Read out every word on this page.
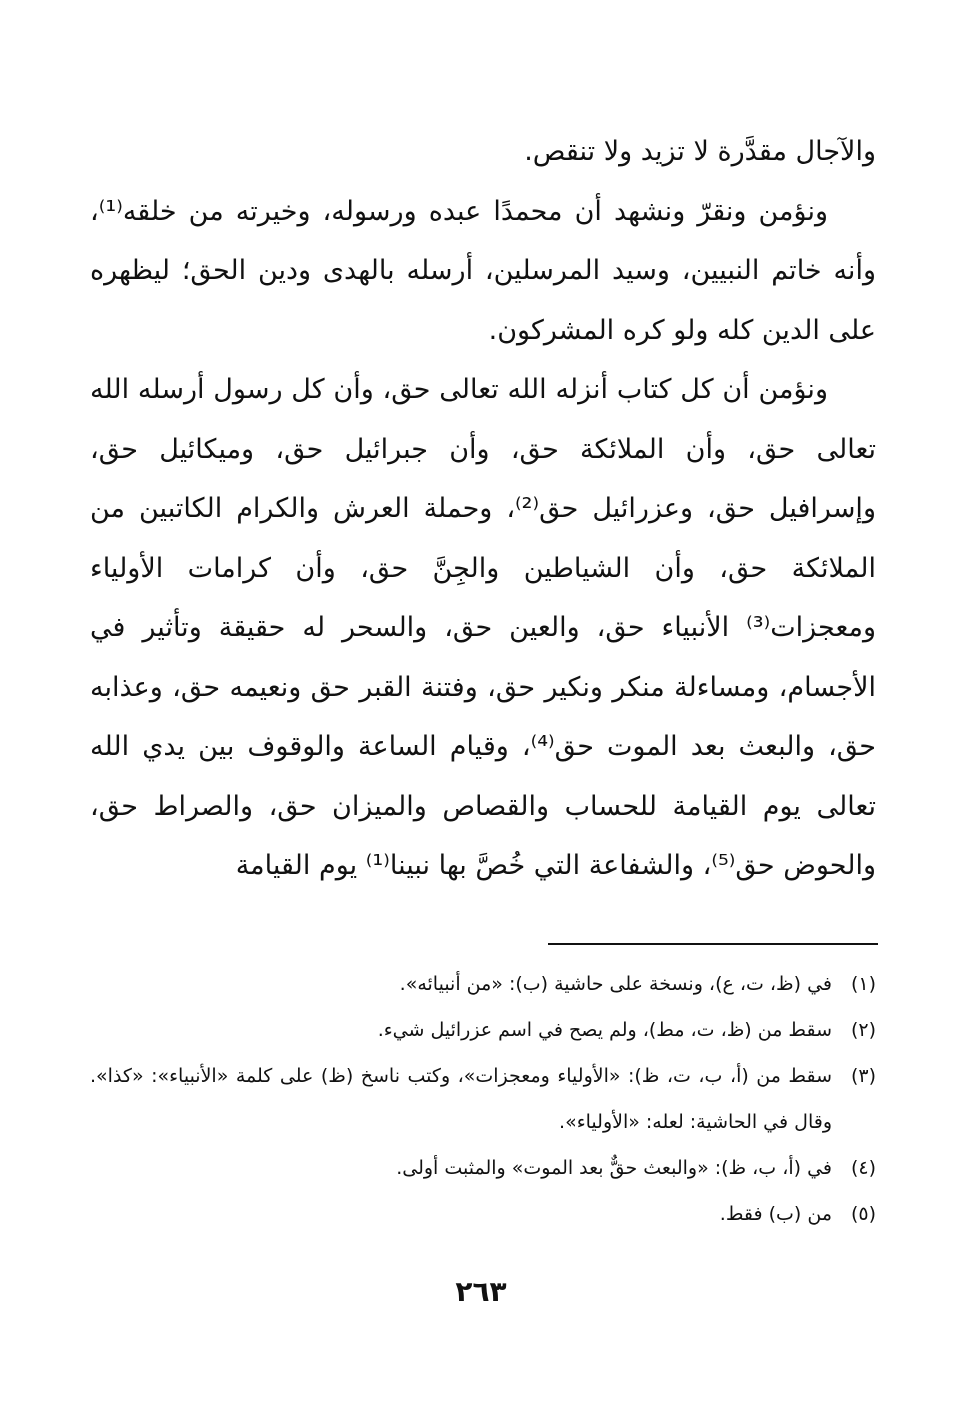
والآجال مقدَّرة لا تزيد ولا تنقص.

ونؤمن ونقرّ ونشهد أن محمدًا عبده ورسوله، وخيرته من خلقه⁽¹⁾، وأنه خاتم النبيين، وسيد المرسلين، أرسله بالهدى ودين الحق؛ ليظهره على الدين كله ولو كره المشركون.

ونؤمن أن كل كتاب أنزله الله تعالى حق، وأن كل رسول أرسله الله تعالى حق، وأن الملائكة حق، وأن جبرائيل حق، وميكائيل حق، وإسرافيل حق، وعزرائيل حق⁽²⁾، وحملة العرش والكرام الكاتبين من الملائكة حق، وأن الشياطين والجِنَّ حق، وأن كرامات الأولياء ومعجزات⁽³⁾ الأنبياء حق، والعين حق، والسحر له حقيقة وتأثير في الأجسام، ومساءلة منكر ونكير حق، وفتنة القبر حق ونعيمه حق، وعذابه حق، والبعث بعد الموت حق⁽⁴⁾، وقيام الساعة والوقوف بين يدي الله تعالى يوم القيامة للحساب والقصاص والميزان حق، والصراط حق، والحوض حق⁽⁵⁾، والشفاعة التي خُصَّ بها نبينا⁽¹⁾ يوم القيامة

(١)
في (ظ، ت، ع)، ونسخة على حاشية (ب): «من أنبيائه».
(٢)
سقط من (ظ، ت، مط)، ولم يصح في اسم عزرائيل شيء.
(٣)
سقط من (أ، ب، ت، ظ): «الأولياء ومعجزات»، وكتب ناسخ (ظ) على كلمة «الأنبياء»: «كذا». وقال في الحاشية: لعله: «الأولياء».
(٤)
في (أ، ب، ظ): «والبعث حقٌّ بعد الموت» والمثبت أولى.
(٥)
من (ب) فقط.
٢٦٣
